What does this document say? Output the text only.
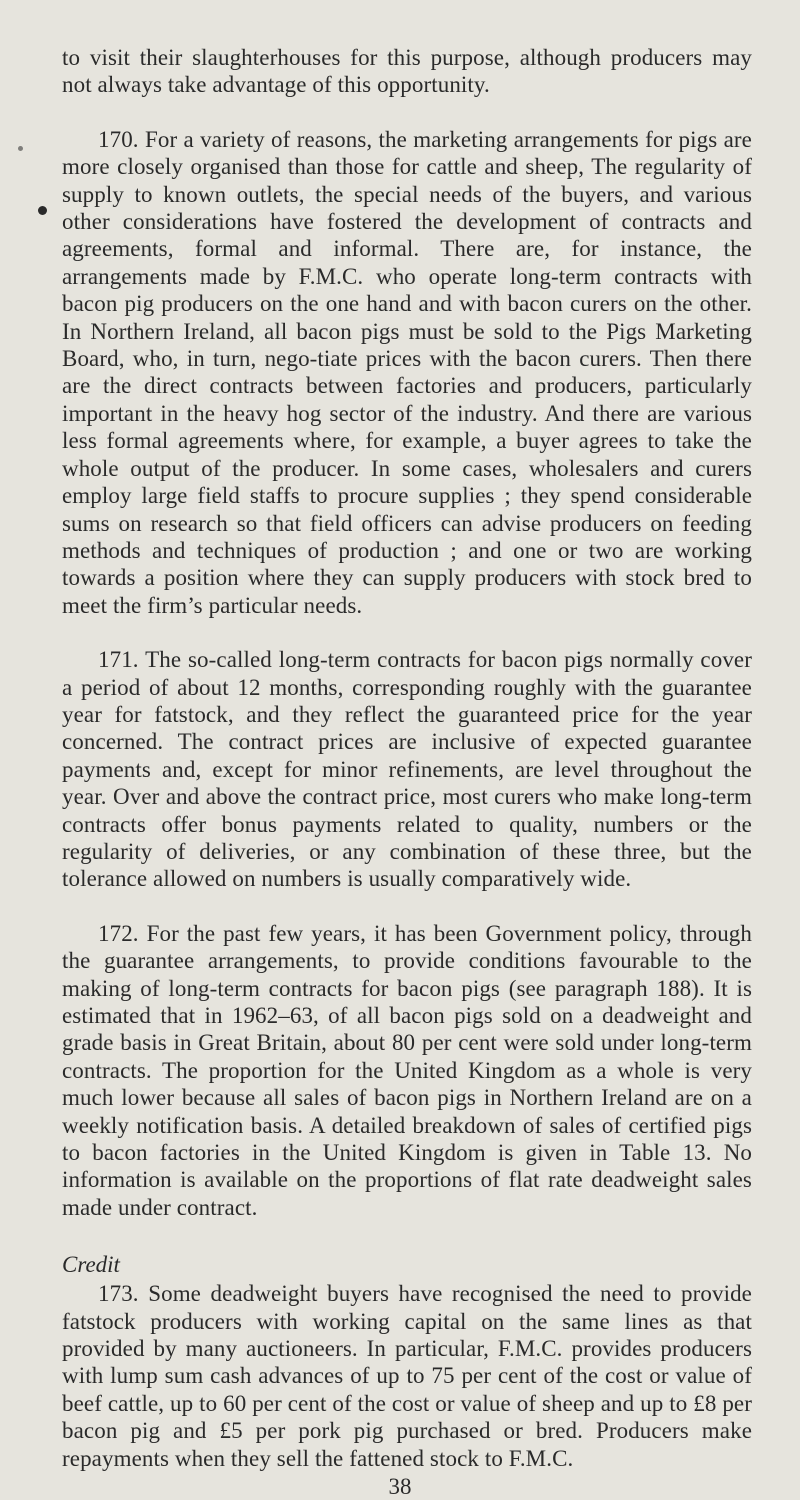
to visit their slaughterhouses for this purpose, although producers may not always take advantage of this opportunity.

170. For a variety of reasons, the marketing arrangements for pigs are more closely organised than those for cattle and sheep, The regularity of supply to known outlets, the special needs of the buyers, and various other considerations have fostered the development of contracts and agreements, formal and informal. There are, for instance, the arrangements made by F.M.C. who operate long-term contracts with bacon pig producers on the one hand and with bacon curers on the other. In Northern Ireland, all bacon pigs must be sold to the Pigs Marketing Board, who, in turn, nego-tiate prices with the bacon curers. Then there are the direct contracts between factories and producers, particularly important in the heavy hog sector of the industry. And there are various less formal agreements where, for example, a buyer agrees to take the whole output of the producer. In some cases, wholesalers and curers employ large field staffs to procure supplies ; they spend considerable sums on research so that field officers can advise producers on feeding methods and techniques of production ; and one or two are working towards a position where they can supply producers with stock bred to meet the firm’s particular needs.

171. The so-called long-term contracts for bacon pigs normally cover a period of about 12 months, corresponding roughly with the guarantee year for fatstock, and they reflect the guaranteed price for the year concerned. The contract prices are inclusive of expected guarantee payments and, except for minor refinements, are level throughout the year. Over and above the contract price, most curers who make long-term contracts offer bonus payments related to quality, numbers or the regularity of deliveries, or any combination of these three, but the tolerance allowed on numbers is usually comparatively wide.

172. For the past few years, it has been Government policy, through the guarantee arrangements, to provide conditions favourable to the making of long-term contracts for bacon pigs (see paragraph 188). It is estimated that in 1962–63, of all bacon pigs sold on a deadweight and grade basis in Great Britain, about 80 per cent were sold under long-term contracts. The proportion for the United Kingdom as a whole is very much lower because all sales of bacon pigs in Northern Ireland are on a weekly notification basis. A detailed breakdown of sales of certified pigs to bacon factories in the United Kingdom is given in Table 13. No information is available on the proportions of flat rate deadweight sales made under contract.

Credit

173. Some deadweight buyers have recognised the need to provide fatstock producers with working capital on the same lines as that provided by many auctioneers. In particular, F.M.C. provides producers with lump sum cash advances of up to 75 per cent of the cost or value of beef cattle, up to 60 per cent of the cost or value of sheep and up to £8 per bacon pig and £5 per pork pig purchased or bred. Producers make repayments when they sell the fattened stock to F.M.C.

38
